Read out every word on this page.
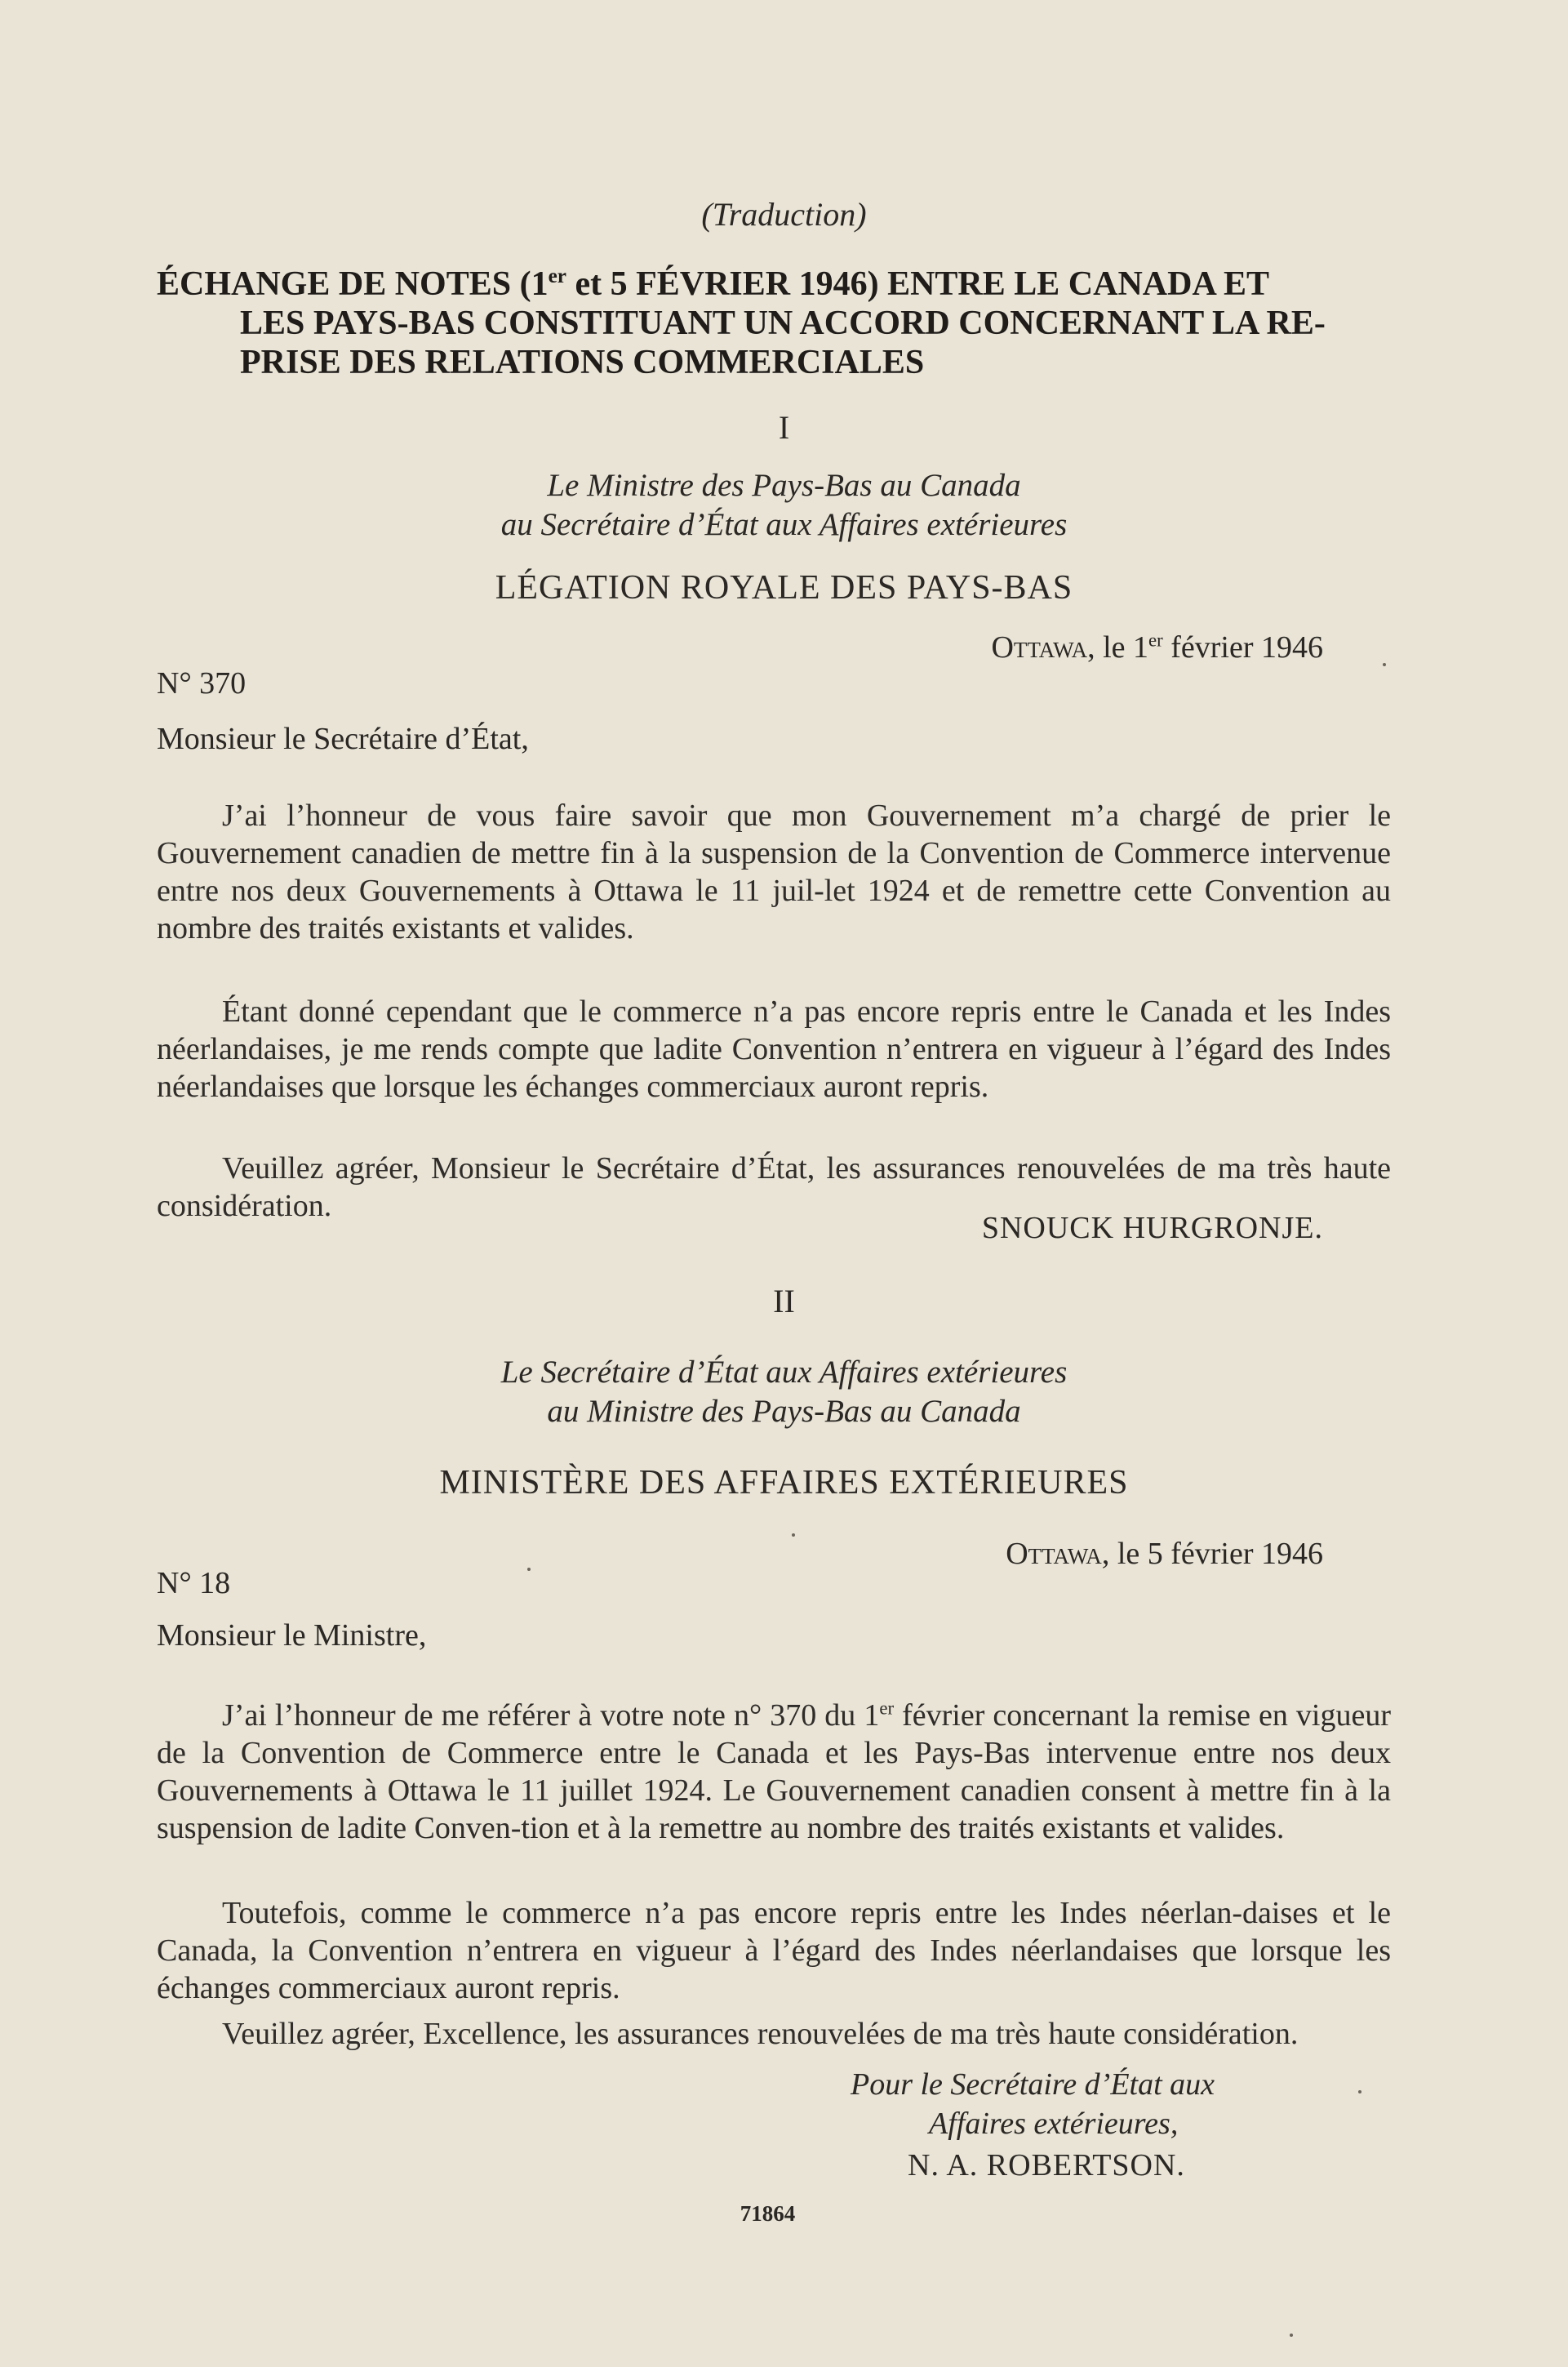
(Traduction)

ÉCHANGE DE NOTES (1er et 5 FÉVRIER 1946) ENTRE LE CANADA ET
LES PAYS-BAS CONSTITUANT UN ACCORD CONCERNANT LA RE-
PRISE DES RELATIONS COMMERCIALES

I

Le Ministre des Pays-Bas au Canada

au Secrétaire d’État aux Affaires extérieures

LÉGATION ROYALE DES PAYS-BAS

Ottawa, le 1er février 1946

N° 370

Monsieur le Secrétaire d’État,

J’ai l’honneur de vous faire savoir que mon Gouvernement m’a chargé de prier le Gouvernement canadien de mettre fin à la suspension de la Convention de Commerce intervenue entre nos deux Gouvernements à Ottawa le 11 juil-let 1924 et de remettre cette Convention au nombre des traités existants et valides.

Étant donné cependant que le commerce n’a pas encore repris entre le Canada et les Indes néerlandaises, je me rends compte que ladite Convention n’entrera en vigueur à l’égard des Indes néerlandaises que lorsque les échanges commerciaux auront repris.

Veuillez agréer, Monsieur le Secrétaire d’État, les assurances renouvelées de ma très haute considération.

SNOUCK HURGRONJE.

II

Le Secrétaire d’État aux Affaires extérieures

au Ministre des Pays-Bas au Canada

MINISTÈRE DES AFFAIRES EXTÉRIEURES

Ottawa, le 5 février 1946

N° 18

Monsieur le Ministre,

J’ai l’honneur de me référer à votre note n° 370 du 1er février concernant la remise en vigueur de la Convention de Commerce entre le Canada et les Pays-Bas intervenue entre nos deux Gouvernements à Ottawa le 11 juillet 1924. Le Gouvernement canadien consent à mettre fin à la suspension de ladite Conven-tion et à la remettre au nombre des traités existants et valides.

Toutefois, comme le commerce n’a pas encore repris entre les Indes néerlan-daises et le Canada, la Convention n’entrera en vigueur à l’égard des Indes néerlandaises que lorsque les échanges commerciaux auront repris.

Veuillez agréer, Excellence, les assurances renouvelées de ma très haute considération.

Pour le Secrétaire d’État aux

Affaires extérieures,

N. A. ROBERTSON.

71864
